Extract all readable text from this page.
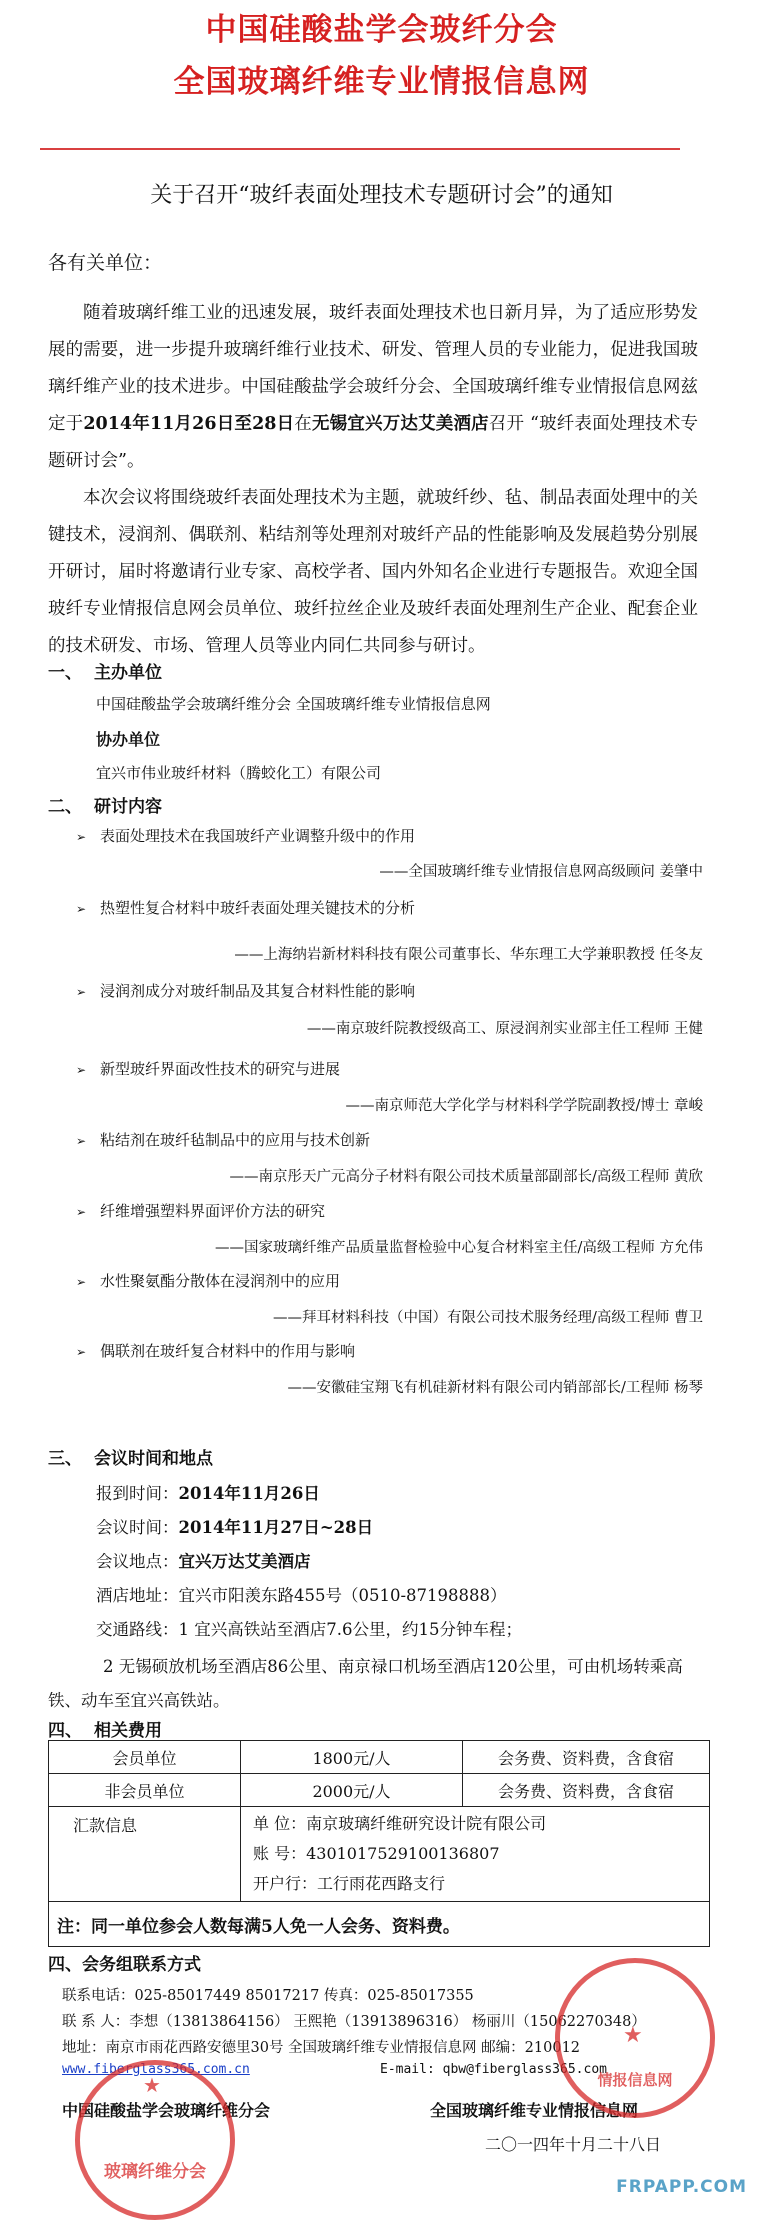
中国硅酸盐学会玻纤分会
全国玻璃纤维专业情报信息网
关于召开“玻纤表面处理技术专题研讨会”的通知
各有关单位：

随着玻璃纤维工业的迅速发展，玻纤表面处理技术也日新月异，为了适应形势发展的需要，进一步提升玻璃纤维行业技术、研发、管理人员的专业能力，促进我国玻璃纤维产业的技术进步。中国硅酸盐学会玻纤分会、全国玻璃纤维专业情报信息网兹定于2014年11月26日至28日在无锡宜兴万达艾美酒店召开 “玻纤表面处理技术专题研讨会”。

本次会议将围绕玻纤表面处理技术为主题，就玻纤纱、毡、制品表面处理中的关键技术，浸润剂、偶联剂、粘结剂等处理剂对玻纤产品的性能影响及发展趋势分别展开研讨，届时将邀请行业专家、高校学者、国内外知名企业进行专题报告。欢迎全国玻纤专业情报信息网会员单位、玻纤拉丝企业及玻纤表面处理剂生产企业、配套企业的技术研发、市场、管理人员等业内同仁共同参与研讨。

一、 主办单位
中国硅酸盐学会玻璃纤维分会 全国玻璃纤维专业情报信息网
协办单位
宜兴市伟业玻纤材料（腾蛟化工）有限公司
二、 研讨内容
➢ 表面处理技术在我国玻纤产业调整升级中的作用
——全国玻璃纤维专业情报信息网高级顾问 姜肇中
➢ 热塑性复合材料中玻纤表面处理关键技术的分析
——上海纳岩新材料科技有限公司董事长、华东理工大学兼职教授 任冬友
➢ 浸润剂成分对玻纤制品及其复合材料性能的影响
——南京玻纤院教授级高工、原浸润剂实业部主任工程师 王健
➢ 新型玻纤界面改性技术的研究与进展
——南京师范大学化学与材料科学学院副教授/博士 章峻
➢ 粘结剂在玻纤毡制品中的应用与技术创新
——南京彤天广元高分子材料有限公司技术质量部副部长/高级工程师 黄欣
➢ 纤维增强塑料界面评价方法的研究
——国家玻璃纤维产品质量监督检验中心复合材料室主任/高级工程师 方允伟
➢ 水性聚氨酯分散体在浸润剂中的应用
——拜耳材料科技（中国）有限公司技术服务经理/高级工程师 曹卫
➢ 偶联剂在玻纤复合材料中的作用与影响
——安徽硅宝翔飞有机硅新材料有限公司内销部部长/工程师 杨琴
三、 会议时间和地点
报到时间：2014年11月26日
会议时间：2014年11月27日~28日
会议地点：宜兴万达艾美酒店
酒店地址：宜兴市阳羡东路455号（0510-87198888）
交通路线：1 宜兴高铁站至酒店7.6公里，约15分钟车程；
2 无锡硕放机场至酒店86公里、南京禄口机场至酒店120公里，可由机场转乘高铁、动车至宜兴高铁站。
四、 相关费用
会员单位	1800元/人	会务费、资料费，含食宿
非会员单位	2000元/人	会务费、资料费，含食宿
汇款信息	单 位：南京玻璃纤维研究设计院有限公司
账 号：4301017529100136807
开户行：工行雨花西路支行	

注：同一单位参会人数每满5人免一人会务、资料费。		
四、会务组联系方式
联系电话：025-85017449 85017217 传真：025-85017355
联 系 人：李想（13813864156） 王熙艳（13913896316） 杨丽川（15062270348）
地址：南京市雨花西路安德里30号 全国玻璃纤维专业情报信息网 邮编：210012
www.fiberglass365.com.cn	E-mail: qbw@fiberglass365.com
中国硅酸盐学会玻璃纤维分会	全国玻璃纤维专业情报信息网
二〇一四年十月二十八日
★
玻璃纤维分会
★
情报信息网
FRPAPP.COM
